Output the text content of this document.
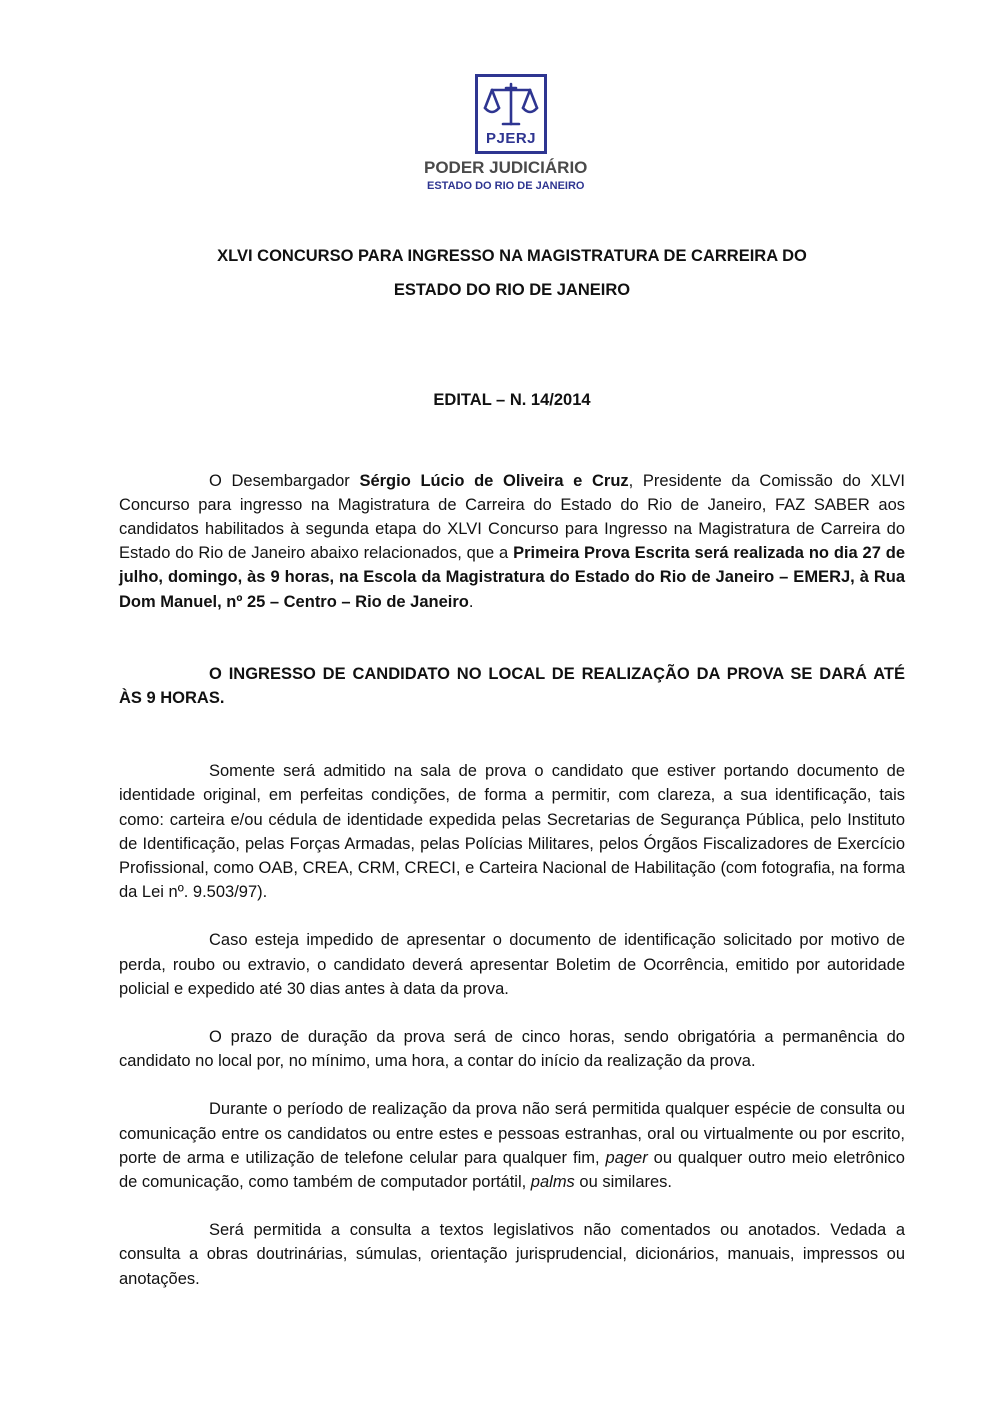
PJERJ
PODER JUDICIÁRIO
ESTADO DO RIO DE JANEIRO

XLVI CONCURSO PARA INGRESSO NA MAGISTRATURA DE CARREIRA DO

ESTADO DO RIO DE JANEIRO

EDITAL – N. 14/2014

O Desembargador Sérgio Lúcio de Oliveira e Cruz, Presidente da Comissão do XLVI Concurso para ingresso na Magistratura de Carreira do Estado do Rio de Janeiro, FAZ SABER aos candidatos habilitados à segunda etapa do XLVI Concurso para Ingresso na Magistratura de Carreira do Estado do Rio de Janeiro abaixo relacionados, que a Primeira Prova Escrita será realizada no dia 27 de julho, domingo, às 9 horas, na Escola da Magistratura do Estado do Rio de Janeiro – EMERJ, à Rua Dom Manuel, nº 25 – Centro – Rio de Janeiro.

O INGRESSO DE CANDIDATO NO LOCAL DE REALIZAÇÃO DA PROVA SE DARÁ ATÉ ÀS 9 HORAS.

Somente será admitido na sala de prova o candidato que estiver portando documento de identidade original, em perfeitas condições, de forma a permitir, com clareza, a sua identificação, tais como: carteira e/ou cédula de identidade expedida pelas Secretarias de Segurança Pública, pelo Instituto de Identificação, pelas Forças Armadas, pelas Polícias Militares, pelos Órgãos Fiscalizadores de Exercício Profissional, como OAB, CREA, CRM, CRECI, e Carteira Nacional de Habilitação (com fotografia, na forma da Lei nº. 9.503/97).

Caso esteja impedido de apresentar o documento de identificação solicitado por motivo de perda, roubo ou extravio, o candidato deverá apresentar Boletim de Ocorrência, emitido por autoridade policial e expedido até 30 dias antes à data da prova.

O prazo de duração da prova será de cinco horas, sendo obrigatória a permanência do candidato no local por, no mínimo, uma hora, a contar do início da realização da prova.

Durante o período de realização da prova não será permitida qualquer espécie de consulta ou comunicação entre os candidatos ou entre estes e pessoas estranhas, oral ou virtualmente ou por escrito, porte de arma e utilização de telefone celular para qualquer fim, pager ou qualquer outro meio eletrônico de comunicação, como também de computador portátil, palms ou similares.

Será permitida a consulta a textos legislativos não comentados ou anotados. Vedada a consulta a obras doutrinárias, súmulas, orientação jurisprudencial, dicionários, manuais, impressos ou anotações.
